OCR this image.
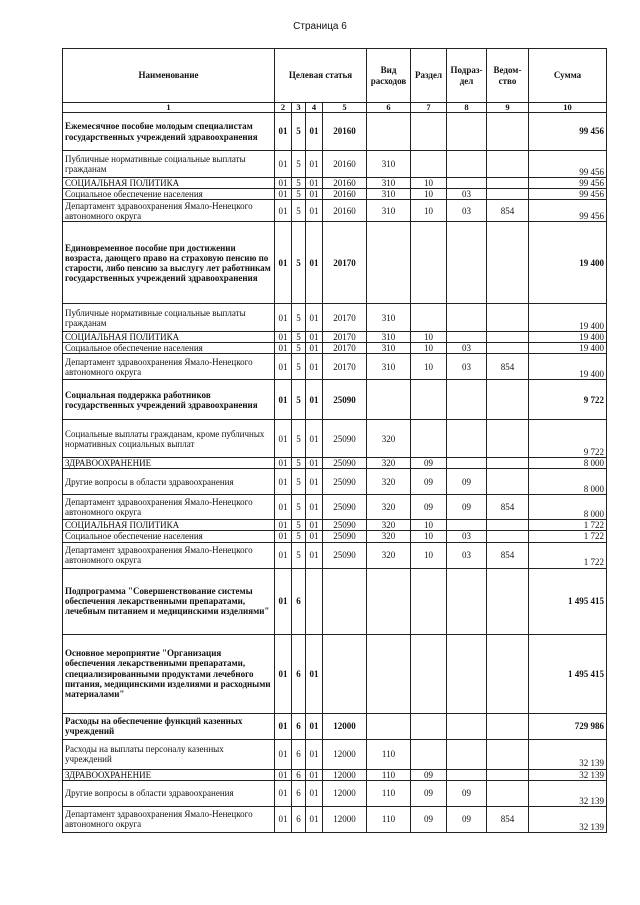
Страница 6
Наименование	Целевая статья				Вид расходов	Раздел	Подраз-дел	Ведом-ство	Сумма
1	2	3	4	5	6	7	8	9	10
Ежемесячное пособие молодым специалистам государственных учреждений здравоохранения	01	5	01	20160					99 456
Публичные нормативные социальные выплаты гражданам	01	5	01	20160	310				99 456
СОЦИАЛЬНАЯ ПОЛИТИКА	01	5	01	20160	310	10			99 456
Социальное обеспечение населения	01	5	01	20160	310	10	03		99 456
Департамент здравоохранения Ямало-Ненецкого автономного округа	01	5	01	20160	310	10	03	854	99 456
Единовременное пособие при достижении возраста, дающего право на страховую пенсию по старости, либо пенсию за выслугу лет работникам государственных учреждений здравоохранения	01	5	01	20170					19 400
Публичные нормативные социальные выплаты гражданам	01	5	01	20170	310				19 400
СОЦИАЛЬНАЯ ПОЛИТИКА	01	5	01	20170	310	10			19 400
Социальное обеспечение населения	01	5	01	20170	310	10	03		19 400
Департамент здравоохранения Ямало-Ненецкого автономного округа	01	5	01	20170	310	10	03	854	19 400
Социальная поддержка работников государственных учреждений здравоохранения	01	5	01	25090					9 722
Социальные выплаты гражданам, кроме публичных нормативных социальных выплат	01	5	01	25090	320				9 722
ЗДРАВООХРАНЕНИЕ	01	5	01	25090	320	09			8 000
Другие вопросы в области здравоохранения	01	5	01	25090	320	09	09		8 000
Департамент здравоохранения Ямало-Ненецкого автономного округа	01	5	01	25090	320	09	09	854	8 000
СОЦИАЛЬНАЯ ПОЛИТИКА	01	5	01	25090	320	10			1 722
Социальное обеспечение населения	01	5	01	25090	320	10	03		1 722
Департамент здравоохранения Ямало-Ненецкого автономного округа	01	5	01	25090	320	10	03	854	1 722
Подпрограмма "Совершенствование системы обеспечения лекарственными препаратами, лечебным питанием и медицинскими изделиями"	01	6							1 495 415
Основное мероприятие "Организация обеспечения лекарственными препаратами, специализированными продуктами лечебного питания, медицинскими изделиями и расходными материалами"	01	6	01						1 495 415
Расходы на обеспечение функций казенных учреждений	01	6	01	12000					729 986
Расходы на выплаты персоналу казенных учреждений	01	6	01	12000	110				32 139
ЗДРАВООХРАНЕНИЕ	01	6	01	12000	110	09			32 139
Другие вопросы в области здравоохранения	01	6	01	12000	110	09	09		32 139
Департамент здравоохранения Ямало-Ненецкого автономного округа	01	6	01	12000	110	09	09	854	32 139
